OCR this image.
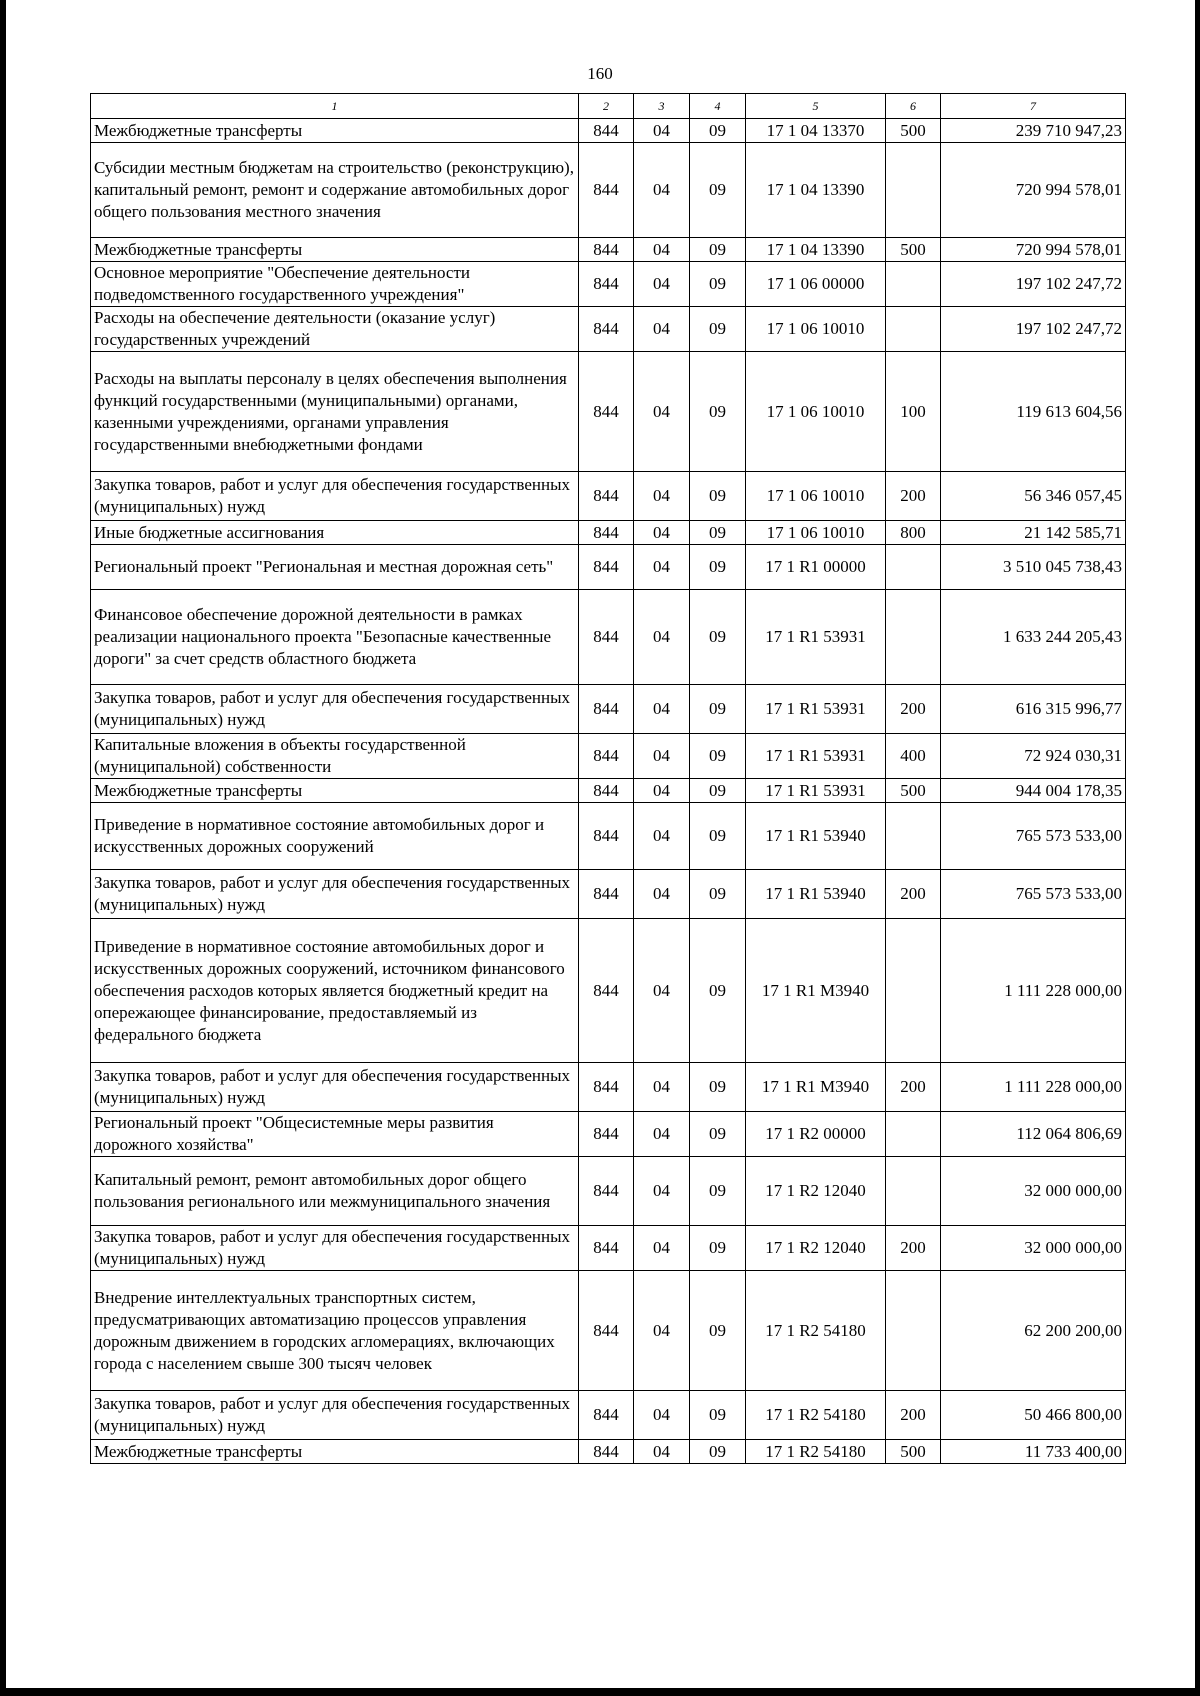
160
1	2	3	4	5	6	7
Межбюджетные трансферты	844	04	09	17 1 04 13370	500	239 710 947,23
Субсидии местным бюджетам на строительство (реконструкцию), капитальный ремонт, ремонт и содержание автомобильных дорог общего пользования местного значения	844	04	09	17 1 04 13390		720 994 578,01
Межбюджетные трансферты	844	04	09	17 1 04 13390	500	720 994 578,01
Основное мероприятие "Обеспечение деятельности подведомственного государственного учреждения"	844	04	09	17 1 06 00000		197 102 247,72
Расходы на обеспечение деятельности (оказание услуг) государственных учреждений	844	04	09	17 1 06 10010		197 102 247,72
Расходы на выплаты персоналу в целях обеспечения выполнения функций государственными (муниципальными) органами, казенными учреждениями, органами управления государственными внебюджетными фондами	844	04	09	17 1 06 10010	100	119 613 604,56
Закупка товаров, работ и услуг для обеспечения государственных (муниципальных) нужд	844	04	09	17 1 06 10010	200	56 346 057,45
Иные бюджетные ассигнования	844	04	09	17 1 06 10010	800	21 142 585,71
Региональный проект "Региональная и местная дорожная сеть"	844	04	09	17 1 R1 00000		3 510 045 738,43
Финансовое обеспечение дорожной деятельности в рамках реализации национального проекта "Безопасные качественные дороги" за счет средств областного бюджета	844	04	09	17 1 R1 53931		1 633 244 205,43
Закупка товаров, работ и услуг для обеспечения государственных (муниципальных) нужд	844	04	09	17 1 R1 53931	200	616 315 996,77
Капитальные вложения в объекты государственной (муниципальной) собственности	844	04	09	17 1 R1 53931	400	72 924 030,31
Межбюджетные трансферты	844	04	09	17 1 R1 53931	500	944 004 178,35
Приведение в нормативное состояние автомобильных дорог и искусственных дорожных сооружений	844	04	09	17 1 R1 53940		765 573 533,00
Закупка товаров, работ и услуг для обеспечения государственных (муниципальных) нужд	844	04	09	17 1 R1 53940	200	765 573 533,00
Приведение в нормативное состояние автомобильных дорог и искусственных дорожных сооружений, источником финансового обеспечения расходов которых является бюджетный кредит на опережающее финансирование, предоставляемый из федерального бюджета	844	04	09	17 1 R1 M3940		1 111 228 000,00
Закупка товаров, работ и услуг для обеспечения государственных (муниципальных) нужд	844	04	09	17 1 R1 M3940	200	1 111 228 000,00
Региональный проект "Общесистемные меры развития дорожного хозяйства"	844	04	09	17 1 R2 00000		112 064 806,69
Капитальный ремонт, ремонт автомобильных дорог общего пользования регионального или межмуниципального значения	844	04	09	17 1 R2 12040		32 000 000,00
Закупка товаров, работ и услуг для обеспечения государственных (муниципальных) нужд	844	04	09	17 1 R2 12040	200	32 000 000,00
Внедрение интеллектуальных транспортных систем, предусматривающих автоматизацию процессов управления дорожным движением в городских агломерациях, включающих города с населением свыше 300 тысяч человек	844	04	09	17 1 R2 54180		62 200 200,00
Закупка товаров, работ и услуг для обеспечения государственных (муниципальных) нужд	844	04	09	17 1 R2 54180	200	50 466 800,00
Межбюджетные трансферты	844	04	09	17 1 R2 54180	500	11 733 400,00
